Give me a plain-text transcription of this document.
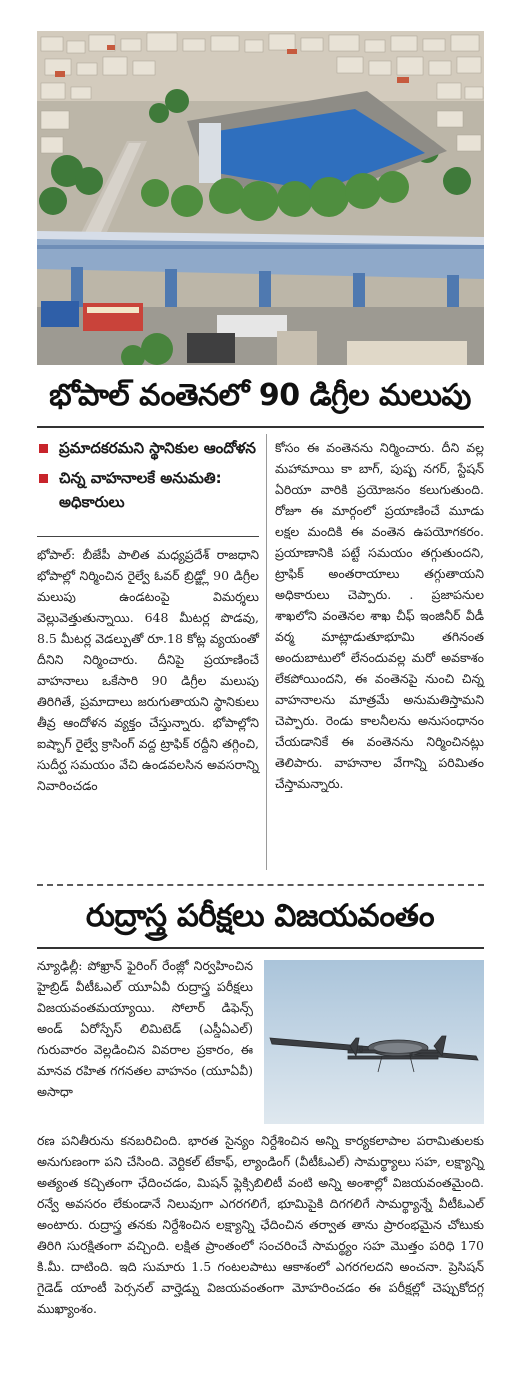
భోపాల్ వంతెనలో 90 డిగ్రీల మలుపు
ప్రమాదకరమని స్థానికుల ఆందోళన
చిన్న వాహనాలకే అనుమతి: అధికారులు

భోపాల్: బీజేపీ పాలిత మధ్యప్రదేశ్ రాజధాని భోపాల్లో నిర్మించిన రైల్వే ఓవర్ బ్రిడ్జ్లో 90 డిగ్రీల మలుపు ఉండటంపై విమర్శలు వెల్లువెత్తుతున్నాయి. 648 మీటర్ల పొడవు, 8.5 మీటర్ల వెడల్పుతో రూ.18 కోట్ల వ్యయంతో దీనిని నిర్మించారు. దీనిపై ప్రయాణించే వాహనాలు ఒకేసారి 90 డిగ్రీల మలుపు తిరిగితే, ప్రమాదాలు జరుగుతాయని స్థానికులు తీవ్ర ఆందోళన వ్యక్తం చేస్తున్నారు. భోపాల్లోని ఐష్బాగ్ రైల్వే క్రాసింగ్ వద్ద ట్రాఫిక్ రద్దీని తగ్గించి, సుదీర్ఘ సమయం వేచి ఉండవలసిన అవసరాన్ని నివారించడం

కోసం ఈ వంతెనను నిర్మించారు. దీని వల్ల మహామాయి కా బాగ్, పుష్ప నగర్, స్టేషన్ ఏరియా వారికి ప్రయోజనం కలుగుతుంది. రోజూ ఈ మార్గంలో ప్రయాణించే మూడు లక్షల మందికి ఈ వంతెన ఉపయోగకరం. ప్రయాణానికి పట్టే సమయం తగ్గుతుందని, ట్రాఫిక్ అంతరాయాలు తగ్గుతాయని అధికారులు చెప్పారు. . ప్రజాపనుల శాఖలోని వంతెనల శాఖ చీఫ్ ఇంజినీర్ వీడీ వర్మ మాట్లాడుతూభూమి తగినంత అందుబాటులో లేనందువల్ల మరో అవకాశం లేకపోయిందని, ఈ వంతెనపై నుంచి చిన్న వాహనాలను మాత్రమే అనుమతిస్తామని చెప్పారు. రెండు కాలనీలను అనుసంధానం చేయడానికే ఈ వంతెనను నిర్మించినట్లు తెలిపారు. వాహనాల వేగాన్ని పరిమితం చేస్తామన్నారు.

రుద్రాస్త్ర పరీక్షలు విజయవంతం

న్యూఢిల్లీ: పోఖ్రాన్ ఫైరింగ్ రేంజ్లో నిర్వహించిన హైబ్రిడ్ వీటీఓఎల్ యూఏవీ రుద్రాస్త్ర పరీక్షలు విజయవంతమయ్యాయి. సోలార్ డిఫెన్స్ అండ్ ఏరోస్పేస్ లిమిటెడ్ (ఎస్డీఏఎల్) గురువారం వెల్లడించిన వివరాల ప్రకారం, ఈ మానవ రహిత గగనతల వాహనం (యూఏవీ) అసాధా

రణ పనితీరును కనబరిచింది. భారత సైన్యం నిర్దేశించిన అన్ని కార్యకలాపాల పరామితులకు అనుగుణంగా పని చేసింది. వెర్టికల్ టేకాఫ్, ల్యాండింగ్ (వీటీఓఎల్) సామర్థ్యాలు సహ, లక్ష్యాన్ని అత్యంత కచ్చితంగా ఛేదించడం, మిషన్ ఫ్లెక్సిబిలిటీ వంటి అన్ని అంశాల్లో విజయవంతమైంది. రన్వే అవసరం లేకుండానే నిలువుగా ఎగరగలిగే, భూమిపైకి దిగగలిగే సామర్థ్యాన్నే వీటీఓఎల్ అంటారు. రుద్రాస్త్ర తనకు నిర్దేశించిన లక్ష్యాన్ని ఛేదించిన తర్వాత తాను ప్రారంభమైన చోటుకు తిరిగి సురక్షితంగా వచ్చింది. లక్షిత ప్రాంతంలో సంచరించే సామర్థ్యం సహ మొత్తం పరిధి 170 కి.మీ. దాటింది. ఇది సుమారు 1.5 గంటలపాటు ఆకాశంలో ఎగరగలదని అంచనా. ప్రెసిషన్ గైడెడ్ యాంటీ పెర్సనల్ వార్హెడ్ను విజయవంతంగా మోహరించడం ఈ పరీక్షల్లో చెప్పుకోదగ్గ ముఖ్యాంశం.
